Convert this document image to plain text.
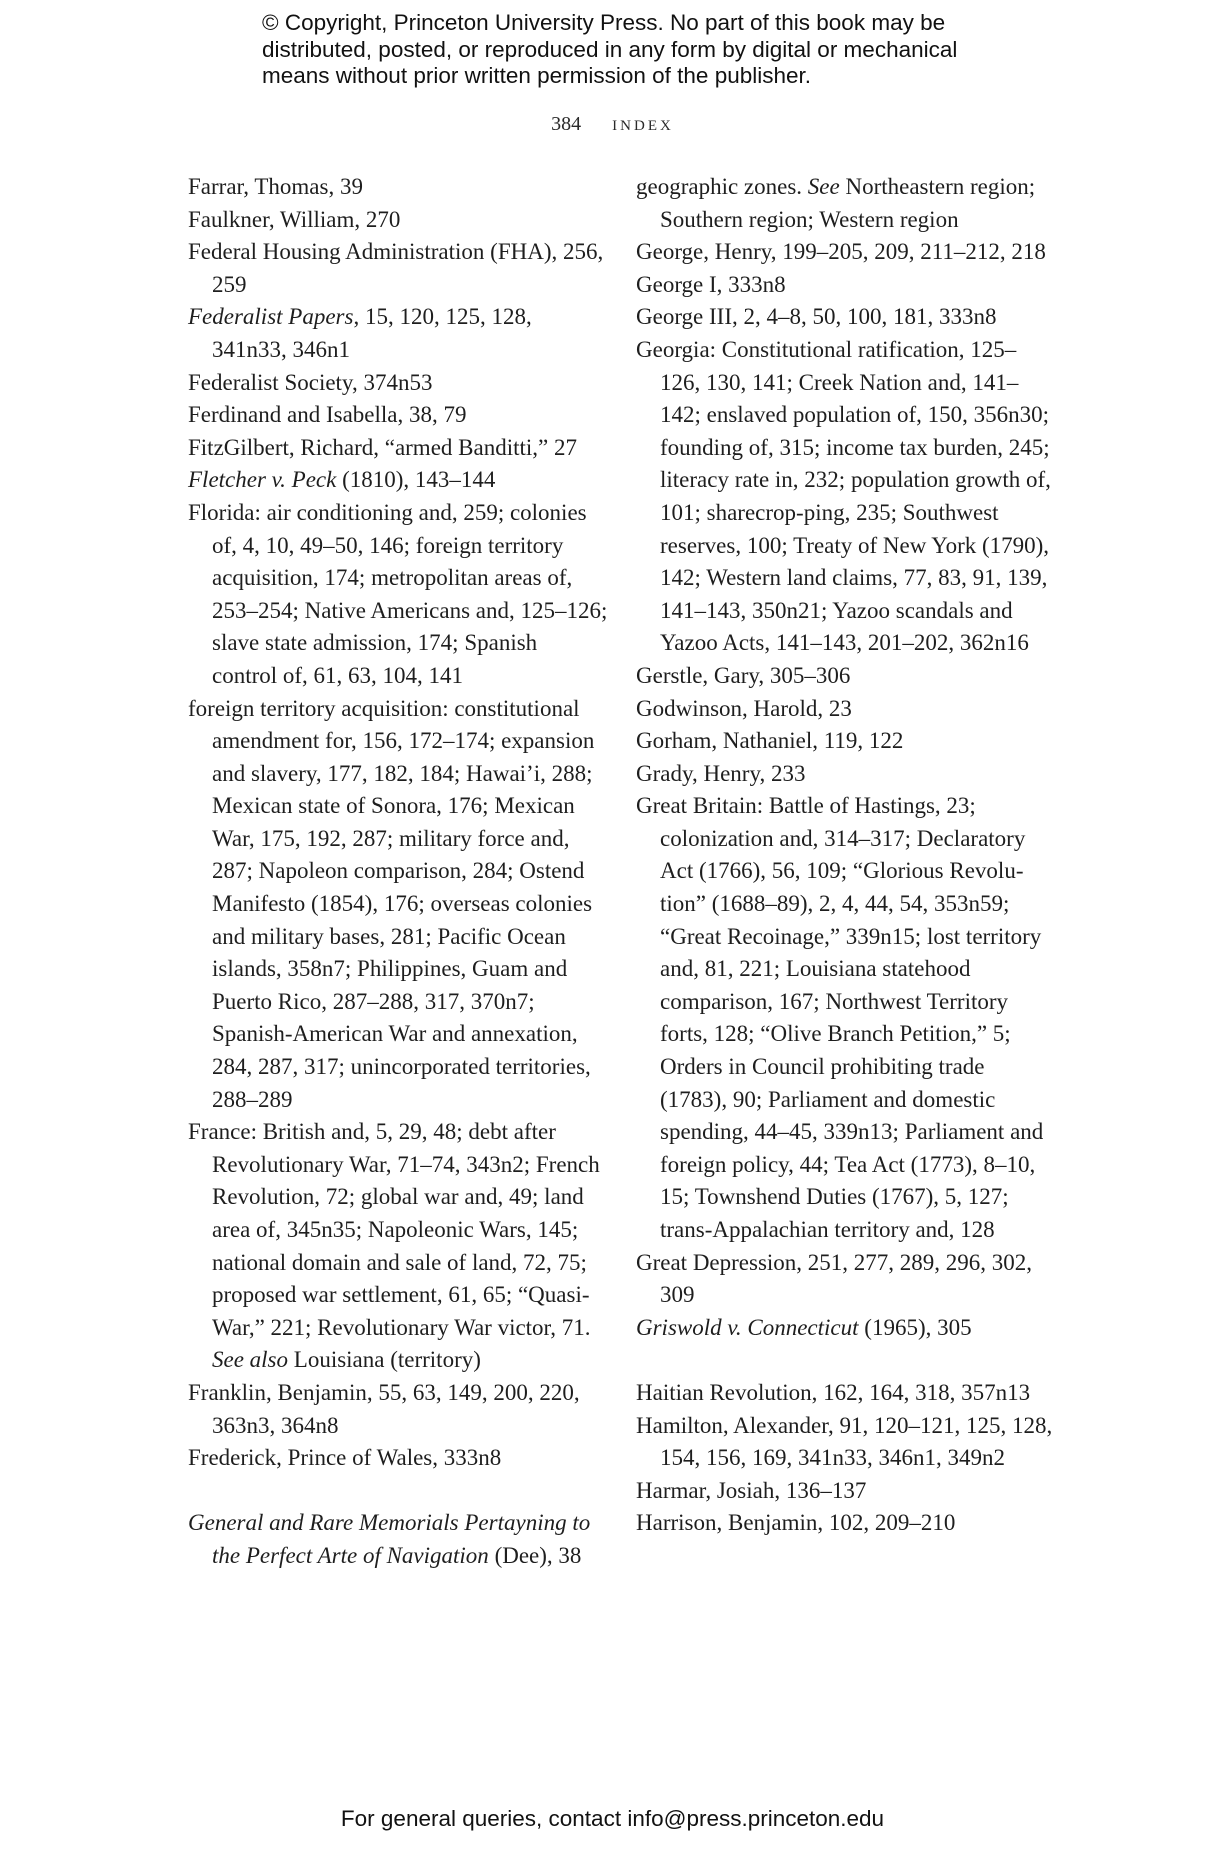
© Copyright, Princeton University Press. No part of this book may be distributed, posted, or reproduced in any form by digital or mechanical means without prior written permission of the publisher.
384 index

Farrar, Thomas, 39

Faulkner, William, 270

Federal Housing Administration (FHA), 256, 259

Federalist Papers, 15, 120, 125, 128, 341n33, 346n1

Federalist Society, 374n53

Ferdinand and Isabella, 38, 79

FitzGilbert, Richard, “armed Banditti,” 27

Fletcher v. Peck (1810), 143–144

Florida: air conditioning and, 259; colonies of, 4, 10, 49–50, 146; foreign territory acquisition, 174; metropolitan areas of, 253–254; Native Americans and, 125–126; slave state admission, 174; Spanish control of, 61, 63, 104, 141

foreign territory acquisition: constitutional amendment for, 156, 172–174; expansion and slavery, 177, 182, 184; Hawai’i, 288; Mexican state of Sonora, 176; Mexican War, 175, 192, 287; military force and, 287; Napoleon comparison, 284; Ostend Manifesto (1854), 176; overseas colonies and military bases, 281; Pacific Ocean islands, 358n7; Philippines, Guam and Puerto Rico, 287–288, 317, 370n7; Spanish-American War and annexation, 284, 287, 317; unincorporated territories, 288–289

France: British and, 5, 29, 48; debt after Revolutionary War, 71–74, 343n2; French Revolution, 72; global war and, 49; land area of, 345n35; Napoleonic Wars, 145; national domain and sale of land, 72, 75; proposed war settlement, 61, 65; “Quasi-War,” 221; Revolutionary War victor, 71. See also Louisiana (territory)

Franklin, Benjamin, 55, 63, 149, 200, 220, 363n3, 364n8

Frederick, Prince of Wales, 333n8

General and Rare Memorials Pertayning to the Perfect Arte of Navigation (Dee), 38

geographic zones. See Northeastern region; Southern region; Western region

George, Henry, 199–205, 209, 211–212, 218

George I, 333n8

George III, 2, 4–8, 50, 100, 181, 333n8

Georgia: Constitutional ratification, 125–126, 130, 141; Creek Nation and, 141–142; enslaved population of, 150, 356n30; founding of, 315; income tax burden, 245; literacy rate in, 232; population growth of, 101; sharecrop-ping, 235; Southwest reserves, 100; Treaty of New York (1790), 142; Western land claims, 77, 83, 91, 139, 141–143, 350n21; Yazoo scandals and Yazoo Acts, 141–143, 201–202, 362n16

Gerstle, Gary, 305–306

Godwinson, Harold, 23

Gorham, Nathaniel, 119, 122

Grady, Henry, 233

Great Britain: Battle of Hastings, 23; colonization and, 314–317; Declaratory Act (1766), 56, 109; “Glorious Revolu-tion” (1688–89), 2, 4, 44, 54, 353n59; “Great Recoinage,” 339n15; lost territory and, 81, 221; Louisiana statehood comparison, 167; Northwest Territory forts, 128; “Olive Branch Petition,” 5; Orders in Council prohibiting trade (1783), 90; Parliament and domestic spending, 44–45, 339n13; Parliament and foreign policy, 44; Tea Act (1773), 8–10, 15; Townshend Duties (1767), 5, 127; trans-Appalachian territory and, 128

Great Depression, 251, 277, 289, 296, 302, 309

Griswold v. Connecticut (1965), 305

Haitian Revolution, 162, 164, 318, 357n13

Hamilton, Alexander, 91, 120–121, 125, 128, 154, 156, 169, 341n33, 346n1, 349n2

Harmar, Josiah, 136–137

Harrison, Benjamin, 102, 209–210

For general queries, contact info@press.princeton.edu
